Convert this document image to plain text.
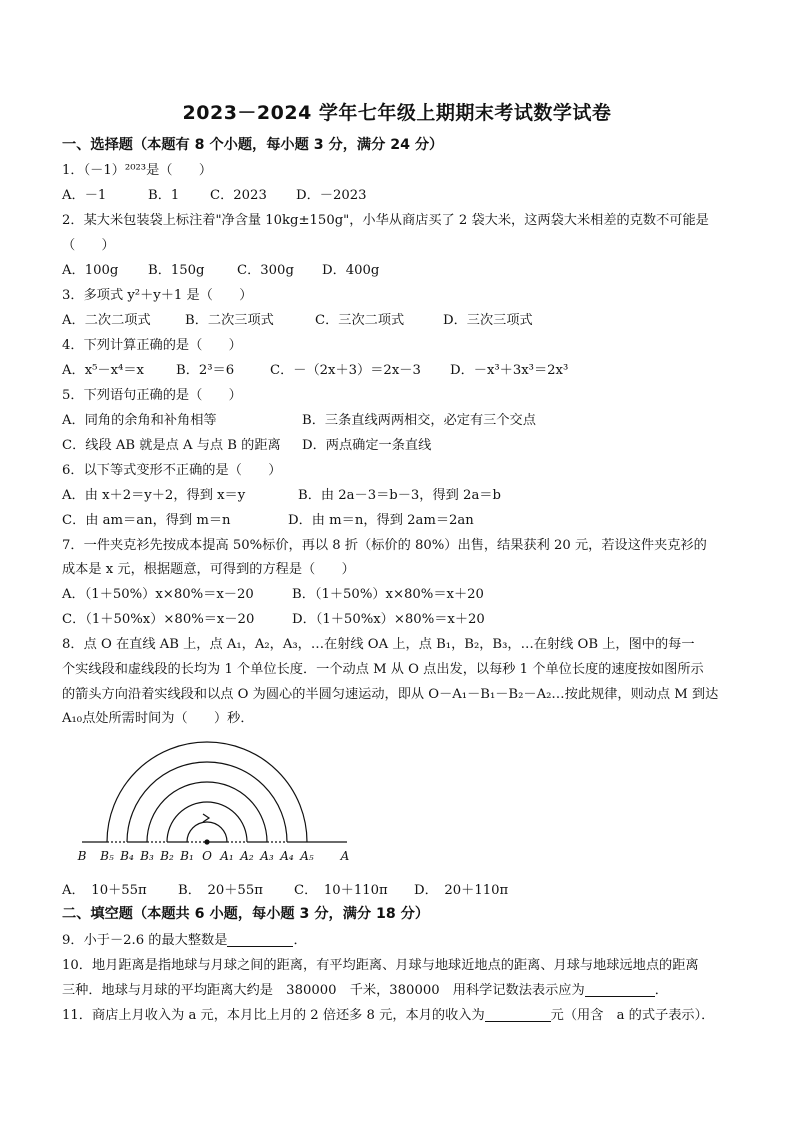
2023－2024 学年七年级上期期末考试数学试卷
一、选择题（本题有 8 个小题，每小题 3 分，满分 24 分）
1．（－1）²⁰²³是（　　）
A．－1	B．1 C．2023 D．－2023
2．某大米包装袋上标注着"净含量 10kg±150g"，小华从商店买了 2 袋大米，这两袋大米相差的克数不可能是
（　　）
A．100g B．150g C．300g D．400g
3．多项式 y²＋y＋1 是（　　）
A．二次二项式	B．二次三项式	C．三次二项式	D．三次三项式
4．下列计算正确的是（　　）
A．x⁵－x⁴＝x B．2³＝6	C．－（2x＋3）＝2x－3 D．－x³＋3x³＝2x³
5．下列语句正确的是（　　）
A．同角的余角和补角相等	B．三条直线两两相交，必定有三个交点
C．线段 AB 就是点 A 与点 B 的距离 D．两点确定一条直线
6．以下等式变形不正确的是（　　）
A．由 x＋2＝y＋2，得到 x＝y	B．由 2a－3＝b－3，得到 2a＝b
C．由 am＝an，得到 m＝n	D．由 m＝n，得到 2am＝2an
7．一件夹克衫先按成本提高 50%标价，再以 8 折（标价的 80%）出售，结果获利 20 元，若设这件夹克衫的
成本是 x 元，根据题意，可得到的方程是（　　）
A．（1＋50%）x×80%＝x－20	B．（1＋50%）x×80%＝x＋20
C．（1＋50%x）×80%＝x－20	D．（1＋50%x）×80%＝x＋20
8．点 O 在直线 AB 上，点 A₁，A₂，A₃，…在射线 OA 上，点 B₁，B₂，B₃，…在射线 OB 上，图中的每一
个实线段和虚线段的长均为 1 个单位长度．一个动点 M 从 O 点出发，以每秒 1 个单位长度的速度按如图所示
的箭头方向沿着实线段和以点 O 为圆心的半圆匀速运动，即从 O－A₁－B₁－B₂－A₂…按此规律，则动点 M 到达
A₁₀点处所需时间为（　　）秒．
B B₅ B₄ B₃ B₂ B₁ O A₁ A₂ A₃ A₄ A₅ A
A．　10＋55π B．　20＋55π C．　10＋110π D．　20＋110π
二、填空题（本题共 6 小题，每小题 3 分，满分 18 分）
9．小于－2.6 的最大整数是	．
10．地月距离是指地球与月球之间的距离，有平均距离、月球与地球近地点的距离、月球与地球远地点的距离
三种．地球与月球的平均距离大约是　380000　千米，380000　用科学记数法表示应为	．
11．商店上月收入为 a 元，本月比上月的 2 倍还多 8 元，本月的收入为	元（用含　a 的式子表示）．
